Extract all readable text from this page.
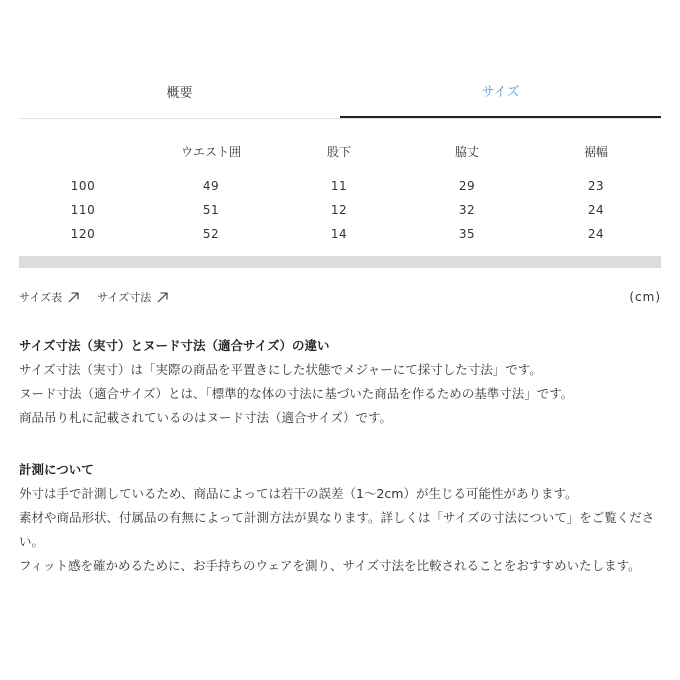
概要	サイズ
	ウエスト囲	股下	脇丈	裾幅

100	49	11	29	23
110	51	12	32	24
120	52	14	35	24
サイズ表	サイズ寸法	(cm)

サイズ寸法（実寸）とヌード寸法（適合サイズ）の違い

サイズ寸法（実寸）は「実際の商品を平置きにした状態でメジャーにて採寸した寸法」です。

ヌード寸法（適合サイズ）とは、「標準的な体の寸法に基づいた商品を作るための基準寸法」です。

商品吊り札に記載されているのはヌード寸法（適合サイズ）です。

計測について

外寸は手で計測しているため、商品によっては若干の誤差（1〜2cm）が生じる可能性があります。

素材や商品形状、付属品の有無によって計測方法が異なります。詳しくは「サイズの寸法について」をご覧ください。

フィット感を確かめるために、お手持ちのウェアを測り、サイズ寸法を比較されることをおすすめいたします。
